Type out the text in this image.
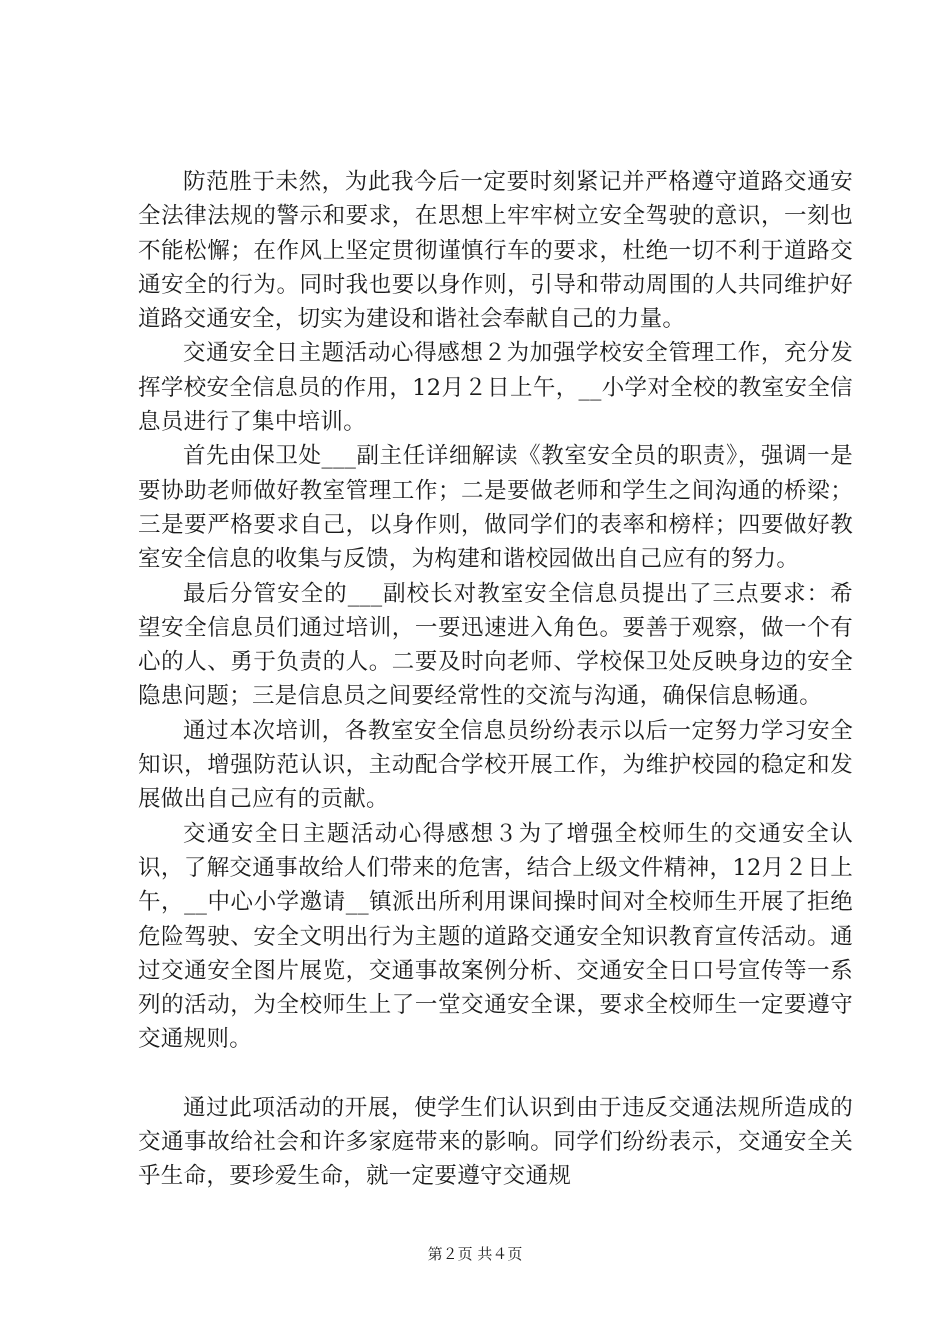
防范胜于未然，为此我今后一定要时刻紧记并严格遵守道路交通安全法律法规的警示和要求，在思想上牢牢树立安全驾驶的意识，一刻也不能松懈；在作风上坚定贯彻谨慎行车的要求，杜绝一切不利于道路交通安全的行为。同时我也要以身作则，引导和带动周围的人共同维护好道路交通安全，切实为建设和谐社会奉献自己的力量。

交通安全日主题活动心得感想２为加强学校安全管理工作，充分发挥学校安全信息员的作用，12月２日上午，__小学对全校的教室安全信息员进行了集中培训。

首先由保卫处___副主任详细解读《教室安全员的职责》，强调一是要协助老师做好教室管理工作；二是要做老师和学生之间沟通的桥梁；三是要严格要求自己，以身作则，做同学们的表率和榜样；四要做好教室安全信息的收集与反馈，为构建和谐校园做出自己应有的努力。

最后分管安全的___副校长对教室安全信息员提出了三点要求：希望安全信息员们通过培训，一要迅速进入角色。要善于观察，做一个有心的人、勇于负责的人。二要及时向老师、学校保卫处反映身边的安全隐患问题；三是信息员之间要经常性的交流与沟通，确保信息畅通。

通过本次培训，各教室安全信息员纷纷表示以后一定努力学习安全知识，增强防范认识，主动配合学校开展工作，为维护校园的稳定和发展做出自己应有的贡献。

交通安全日主题活动心得感想３为了增强全校师生的交通安全认识，了解交通事故给人们带来的危害，结合上级文件精神，12月２日上午，__中心小学邀请__镇派出所利用课间操时间对全校师生开展了拒绝危险驾驶、安全文明出行为主题的道路交通安全知识教育宣传活动。通过交通安全图片展览，交通事故案例分析、交通安全日口号宣传等一系列的活动，为全校师生上了一堂交通安全课，要求全校师生一定要遵守交通规则。

通过此项活动的开展，使学生们认识到由于违反交通法规所造成的交通事故给社会和许多家庭带来的影响。同学们纷纷表示，交通安全关乎生命，要珍爱生命，就一定要遵守交通规

第２页 共４页
